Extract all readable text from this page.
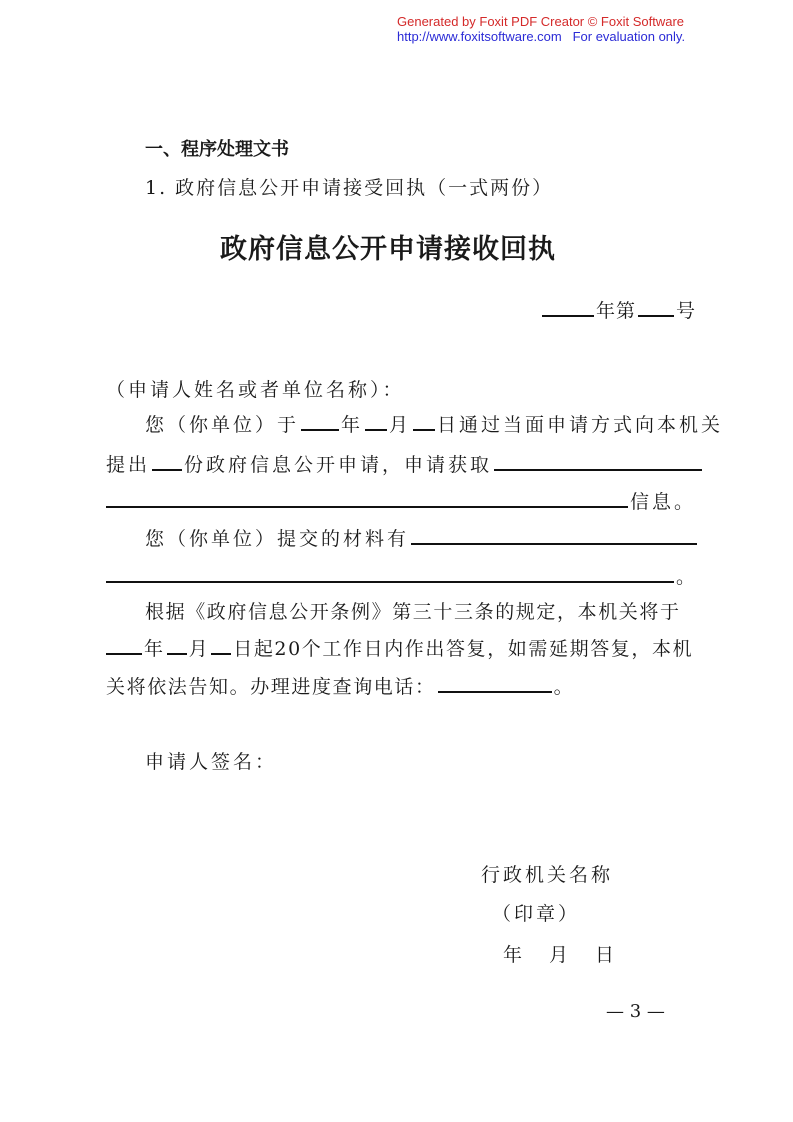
Generated by Foxit PDF Creator © Foxit Software
http://www.foxitsoftware.com For evaluation only.
一、程序处理文书
1. 政府信息公开申请接受回执（一式两份）
政府信息公开申请接收回执
年第 号
（申请人姓名或者单位名称）：
您（你单位）于 年 月 日通过当面申请方式向本机关
提出 份政府信息公开申请，申请获取
信息。
您（你单位）提交的材料有
。
根据《政府信息公开条例》第三十三条的规定，本机关将于
年 月 日起20个工作日内作出答复，如需延期答复，本机
关将依法告知。办理进度查询电话：	。
申请人签名：
行政机关名称
（印章）
年　月　日
— 3 —
